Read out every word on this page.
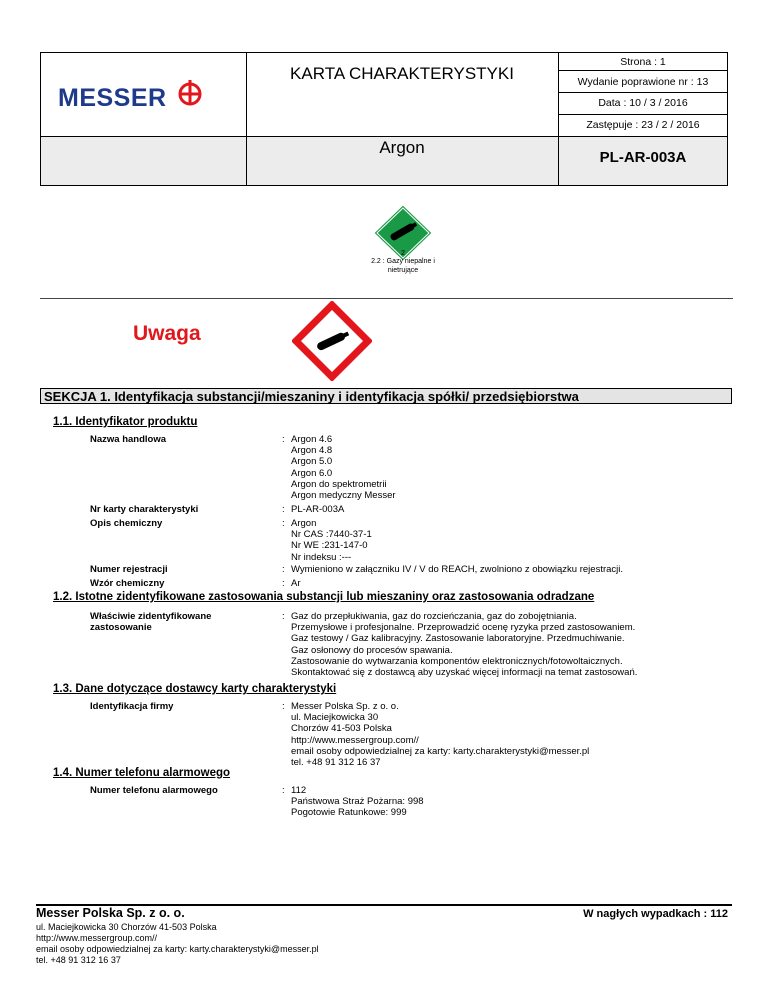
MESSER
KARTA CHARAKTERYSTYKI
Strona : 1
Wydanie poprawione nr : 13
Data : 10 / 3 / 2016
Zastępuje : 23 / 2 / 2016
Argon
PL-AR-003A
2
2.2 : Gazy niepalne i
nietrujące
Uwaga
SEKCJA 1. Identyfikacja substancji/mieszaniny i identyfikacja spółki/ przedsiębiorstwa
1.1. Identyfikator produktu
Nazwa handlowa	: Argon 4.6
Argon 4.8
Argon 5.0
Argon 6.0
Argon do spektrometrii
Argon medyczny Messer
Nr karty charakterystyki	: PL-AR-003A
Opis chemiczny	: Argon
Nr CAS :7440-37-1
Nr WE :231-147-0
Nr indeksu :---
Numer rejestracji	: Wymieniono w załączniku IV / V do REACH, zwolniono z obowiązku rejestracji.
Wzór chemiczny	: Ar
1.2. Istotne zidentyfikowane zastosowania substancji lub mieszaniny oraz zastosowania odradzane
Właściwie zidentyfikowane
zastosowanie
: Gaz do przepłukiwania, gaz do rozcieńczania, gaz do zobojętniania.
Przemysłowe i profesjonalne. Przeprowadzić ocenę ryzyka przed zastosowaniem.
Gaz testowy / Gaz kalibracyjny. Zastosowanie laboratoryjne. Przedmuchiwanie.
Gaz osłonowy do procesów spawania.
Zastosowanie do wytwarzania komponentów elektronicznych/fotowoltaicznych.
Skontaktować się z dostawcą aby uzyskać więcej informacji na temat zastosowań.
1.3. Dane dotyczące dostawcy karty charakterystyki
Identyfikacja firmy	: Messer Polska Sp. z o. o.
ul. Maciejkowicka 30
Chorzów 41-503 Polska
http://www.messergroup.com//
email osoby odpowiedzialnej za karty: karty.charakterystyki@messer.pl
tel. +48 91 312 16 37
1.4. Numer telefonu alarmowego
Numer telefonu alarmowego	: 112
Państwowa Straż Pożarna: 998
Pogotowie Ratunkowe: 999
Messer Polska Sp. z o. o.	W nagłych wypadkach : 112
ul. Maciejkowicka 30 Chorzów 41-503 Polska
http://www.messergroup.com//
email osoby odpowiedzialnej za karty: karty.charakterystyki@messer.pl
tel. +48 91 312 16 37
